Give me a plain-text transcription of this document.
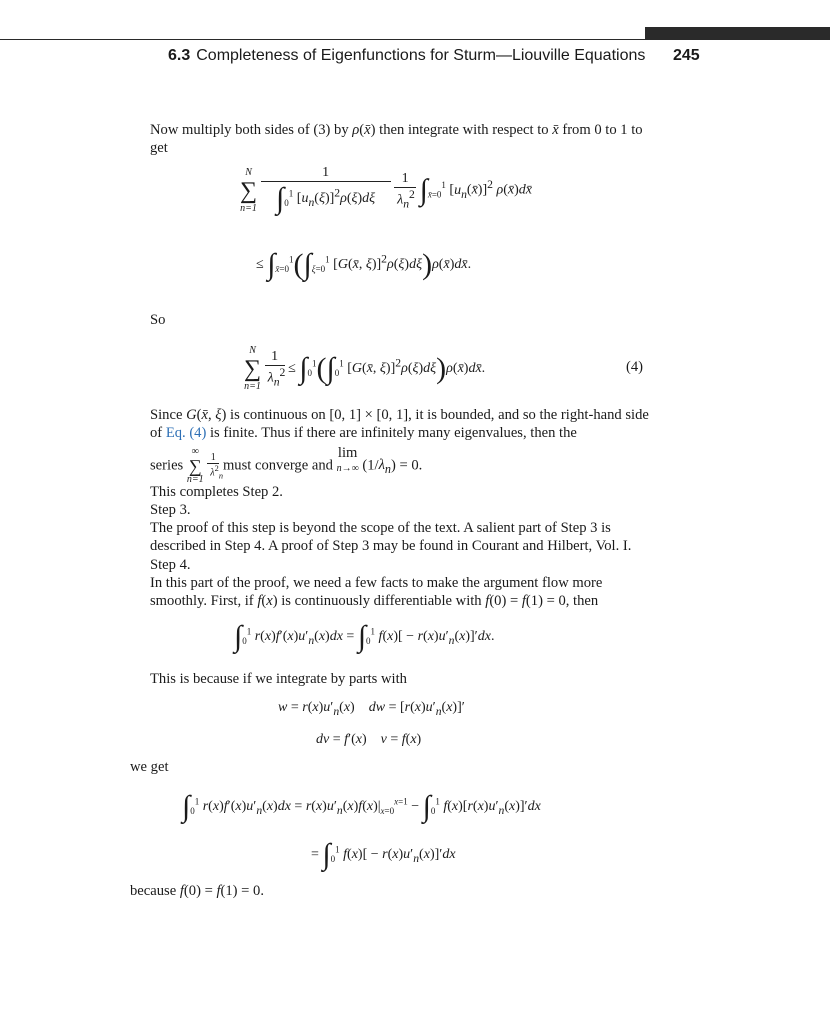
6.3 Completeness of Eigenfunctions for Sturm—Liouville Equations 245
Now multiply both sides of (3) by ρ(x̄) then integrate with respect to x̄ from 0 to 1 to get
N
∑
n=1
$\frac{1}{\int_0^1 [u_n(\xi)]^2\rho(\xi)d\xi}$
$\frac{1}{\lambda_n^2} \int_{x̄=0}^1$ $[u_n(x̄)]^2$ ρ(x̄)dx̄
≤ $\int_{x̄=0}^1(\int_{\xi=0}^1$ [G(x̄, ξ)]$^2$ρ(ξ)dξ)ρ(x̄)dx̄.
So
N
∑
n=1
$\frac{1}{\lambda_n^2} \le \int_0^1(\int_0^1$ [G(x̄, ξ)]$^2$ρ(ξ)dξ)ρ(x̄)dx̄.	(4)
Since G(x̄, ξ) is continuous on [0, 1] × [0, 1], it is bounded, and so the right-hand side of Eq. (4) is finite. Thus if there are infinitely many eigenvalues, then the
series
∞
∑
n=1
$\frac{1}{\lambda^2_n}$ must converge and lim
n→∞ $(1/\lambda_n) = 0$.
This completes Step 2.
Step 3.
The proof of this step is beyond the scope of the text. A salient part of Step 3 is described in Step 4. A proof of Step 3 may be found in Courant and Hilbert, Vol. I.
Step 4.
In this part of the proof, we need a few facts to make the argument flow more smoothly. First, if f(x) is continuously differentiable with f(0) = f(1) = 0, then
$\int_0^1$ $r(x)f'(x)u'_n(x)dx = \int_0^1$ $f(x)[ - r(x)u'_n(x)]'dx$.
This is because if we integrate by parts with
$w = r(x)u'_n(x)$    dw = $[r(x)u'_n(x)]'$
dv = f′(x)    v = f(x)
we get
$\int_0^1$ $r(x)f'(x)u'_n(x)dx = r(x)u'_n(x)f(x)|_{x=0}^{x=1} - \int_0^1$ $f(x)[r(x)u'_n(x)]'dx$
= $\int_0^1$ $f(x)[ - r(x)u'_n(x)]'dx$
because f(0) = f(1) = 0.
